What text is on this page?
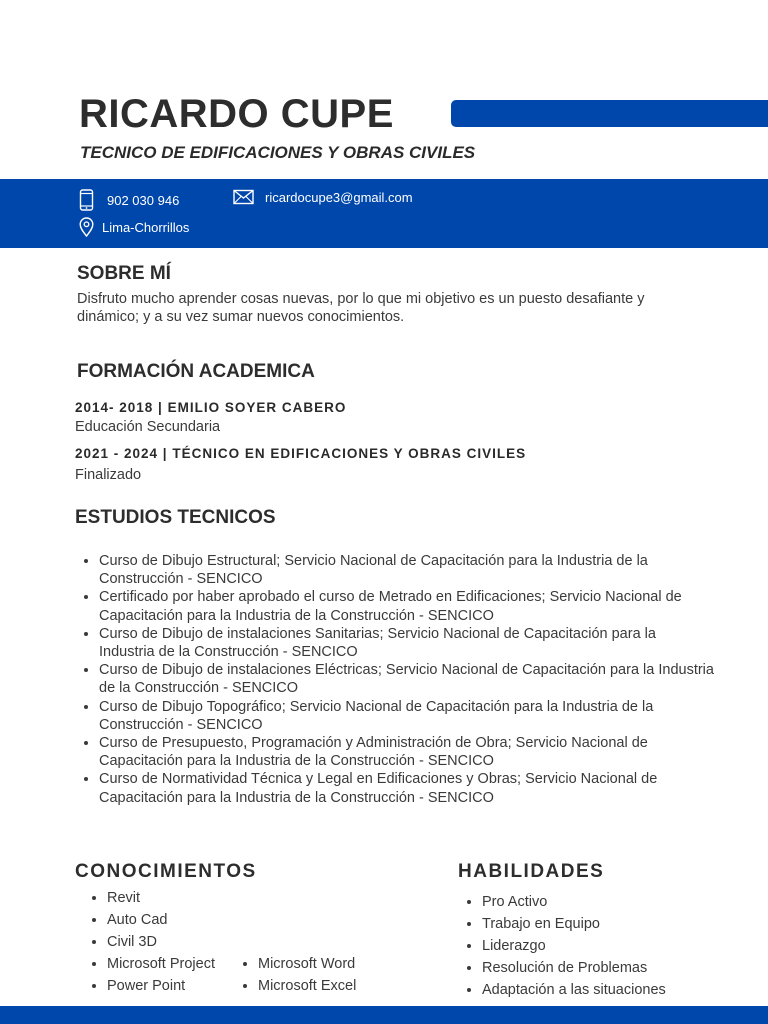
RICARDO CUPE
TECNICO DE EDIFICACIONES Y OBRAS CIVILES
902 030 946	ricardocupe3@gmail.com
Lima-Chorrillos
SOBRE MÍ
Disfruto mucho aprender cosas nuevas, por lo que mi objetivo es un puesto desafiante y dinámico; y a su vez sumar nuevos conocimientos.
FORMACIÓN ACADEMICA
2014- 2018 | EMILIO SOYER CABERO
Educación Secundaria
2021 - 2024 | TÉCNICO EN EDIFICACIONES Y OBRAS CIVILES
Finalizado
ESTUDIOS TECNICOS
• Curso de Dibujo Estructural; Servicio Nacional de Capacitación para la Industria de la Construcción - SENCICO
• Certificado por haber aprobado el curso de Metrado en Edificaciones; Servicio Nacional de Capacitación para la Industria de la Construcción - SENCICO
• Curso de Dibujo de instalaciones Sanitarias; Servicio Nacional de Capacitación para la Industria de la Construcción - SENCICO
• Curso de Dibujo de instalaciones Eléctricas; Servicio Nacional de Capacitación para la Industria de la Construcción - SENCICO
• Curso de Dibujo Topográfico; Servicio Nacional de Capacitación para la Industria de la Construcción - SENCICO
• Curso de Presupuesto, Programación y Administración de Obra; Servicio Nacional de Capacitación para la Industria de la Construcción - SENCICO
• Curso de Normatividad Técnica y Legal en Edificaciones y Obras; Servicio Nacional de Capacitación para la Industria de la Construcción - SENCICO
CONOCIMIENTOS
• Revit
• Auto Cad
• Civil 3D
• Microsoft Project
• Power Point
• Microsoft Word
• Microsoft Excel
HABILIDADES
• Pro Activo
• Trabajo en Equipo
• Liderazgo
• Resolución de Problemas
• Adaptación a las situaciones
